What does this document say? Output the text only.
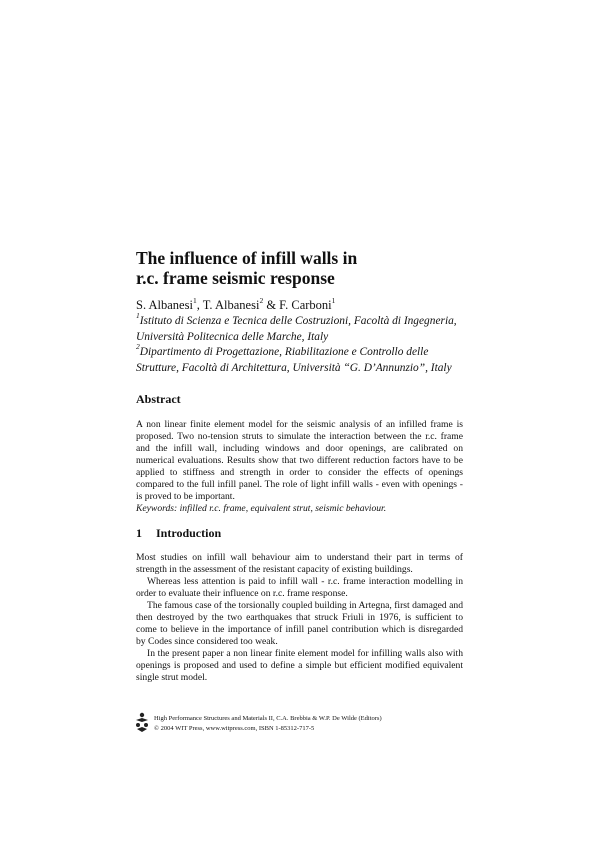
The influence of infill walls in
r.c. frame seismic response
S. Albanesi$^1$, T. Albanesi$^2$ & F. Carboni$^1$
$^1$Istituto di Scienza e Tecnica delle Costruzioni, Facoltà di Ingegneria,
Università Politecnica delle Marche, Italy
$^2$Dipartimento di Progettazione, Riabilitazione e Controllo delle
Strutture, Facoltà di Architettura, Università “G. D’Annunzio”, Italy
Abstract

A non linear finite element model for the seismic analysis of an infilled frame is proposed. Two no-tension struts to simulate the interaction between the r.c. frame and the infill wall, including windows and door openings, are calibrated on numerical evaluations. Results show that two different reduction factors have to be applied to stiffness and strength in order to consider the effects of openings compared to the full infill panel. The role of light infill walls - even with openings - is proved to be important.

Keywords: infilled r.c. frame, equivalent strut, seismic behaviour.

1 Introduction

Most studies on infill wall behaviour aim to understand their part in terms of strength in the assessment of the resistant capacity of existing buildings.

Whereas less attention is paid to infill wall - r.c. frame interaction modelling in order to evaluate their influence on r.c. frame response.

The famous case of the torsionally coupled building in Artegna, first damaged and then destroyed by the two earthquakes that struck Friuli in 1976, is sufficient to come to believe in the importance of infill panel contribution which is disregarded by Codes since considered too weak.

In the present paper a non linear finite element model for infilling walls also with openings is proposed and used to define a simple but efficient modified equivalent single strut model.

High Performance Structures and Materials II, C.A. Brebbia & W.P. De Wilde (Editors)
© 2004 WIT Press, www.witpress.com, ISBN 1-85312-717-5
